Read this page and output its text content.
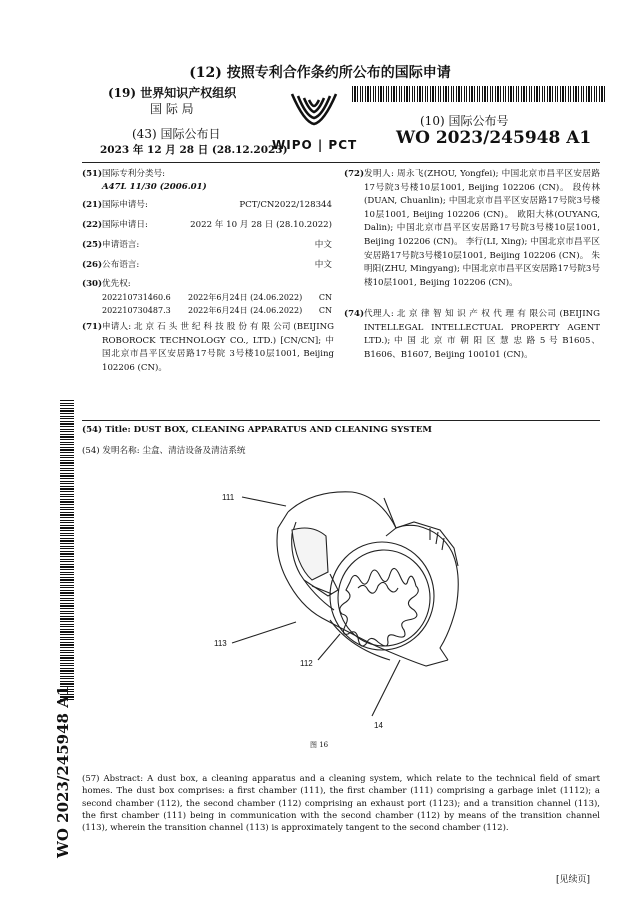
(12) 按照专利合作条约所公布的国际申请
(19) 世界知识产权组织
国 际 局
(43) 国际公布日
2023 年 12 月 28 日 (28.12.2023)
WIPO | PCT
(10) 国际公布号
WO 2023/245948 A1
(51)国际专利分类号:
A47L 11/30 (2006.01)
(21)国际申请号:	PCT/CN2022/128344
(22)国际申请日:	2022 年 10 月 28 日 (28.10.2022)
(25)申请语言:	中文
(26)公布语言:	中文
(30)优先权:
202210731460.6 2022年6月24日 (24.06.2022) CN
202210730487.3 2022年6月24日 (24.06.2022) CN
(71) 申请人: 北 京 石 头 世 纪 科 技 股 份 有 限 公司 (BEIJING ROBOROCK TECHNOLOGY CO., LTD.) [CN/CN]; 中国北京市昌平区安居路17号院 3号楼10层1001, Beijing 102206 (CN)。
(72) 发明人: 周永飞(ZHOU, Yongfei); 中国北京市昌平区安居路17号院3号楼10层1001, Beijing 102206 (CN)。 段传林(DUAN, Chuanlin); 中国北京市昌平区安居路17号院3号楼10层1001, Beijing 102206 (CN)。 欧阳大林(OUYANG, Dalin); 中国北京市昌平区安居路17号院3号楼10层1001, Beijing 102206 (CN)。 李行(LI, Xing); 中国北京市昌平区安居路17号院3号楼10层1001, Beijing 102206 (CN)。 朱明阳(ZHU, Mingyang); 中国北京市昌平区安居路17号院3号楼10层1001, Beijing 102206 (CN)。
(74) 代理人: 北 京 律 智 知 识 产 权 代 理 有 限公司 (BEIJING INTELLEGAL INTELLECTUAL PROPERTY AGENT LTD.); 中 国 北 京 市 朝 阳 区 慧 忠 路 5 号 B1605、B1606、B1607, Beijing 100101 (CN)。
WO 2023/245948 A1
(54) Title: DUST BOX, CLEANING APPARATUS AND CLEANING SYSTEM
(54) 发明名称: 尘盒、清洁设备及清洁系统
111
113
112
14
图 16
(57) Abstract: A dust box, a cleaning apparatus and a cleaning system, which relate to the technical field of smart homes. The dust box comprises: a first chamber (111), the first chamber (111) comprising a garbage inlet (1112); a second chamber (112), the second chamber (112) comprising an exhaust port (1123); and a transition channel (113), the first chamber (111) being in communication with the second chamber (112) by means of the transition channel (113), wherein the transition channel (113) is approximately tangent to the second chamber (112).
[见续页]
